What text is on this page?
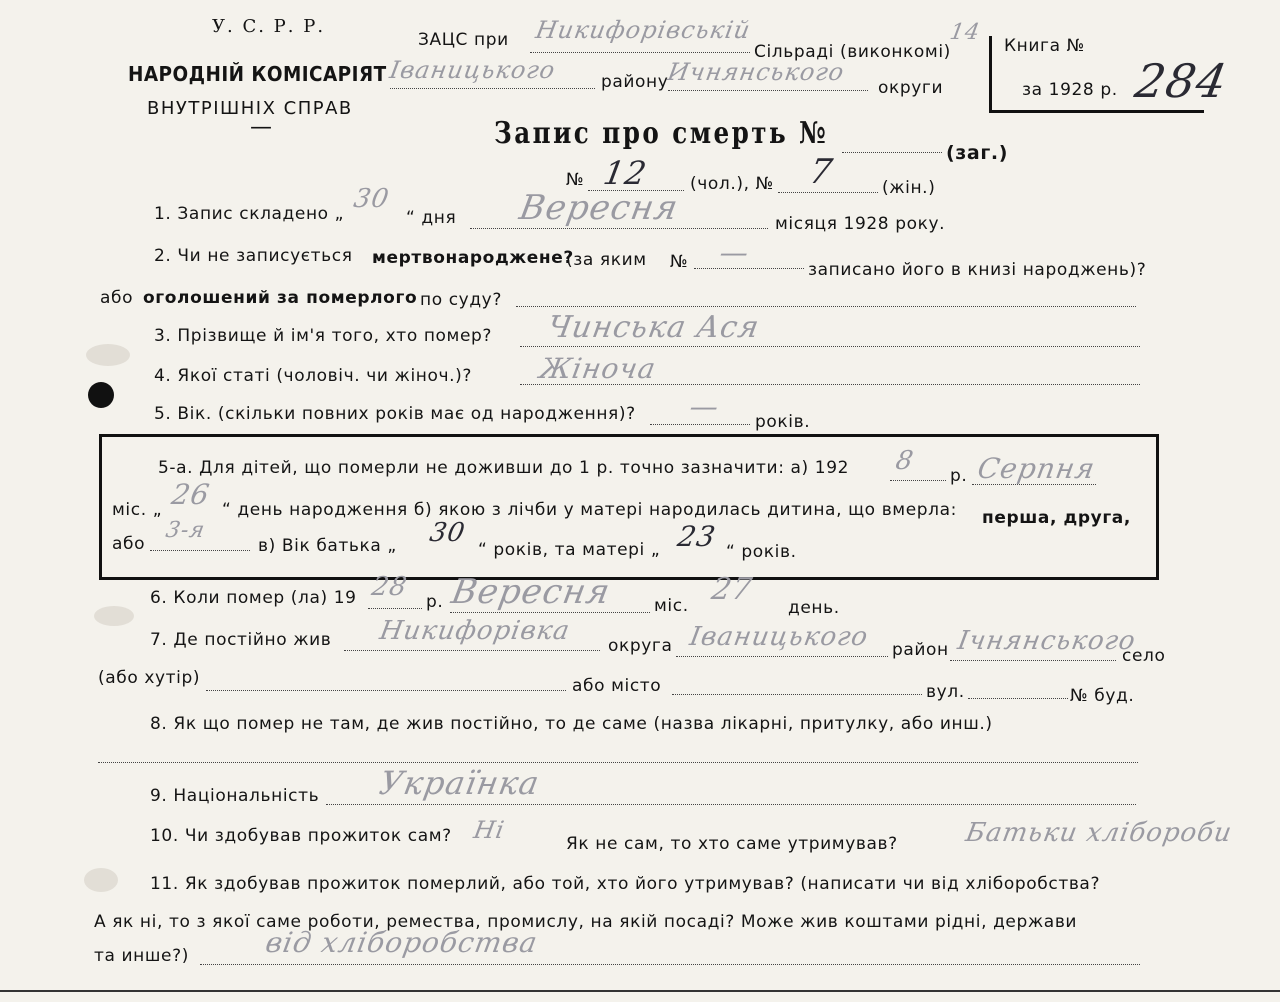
У. С. Р. Р.
НАРОДНІЙ КОМІСАРІЯТ
ВНУТРІШНІХ СПРАВ
—
ЗАЦС при Никифорівській
Сільраді (виконкомі)
14
Іваницького	району
Ичнянського
округи
Книга №
за 1928 р. 284
Запис про смерть №
(заг.)
№ 12 (чол.), № 7	(жін.)
1. Запис складено „ 30
“ дня Вересня	місяця 1928 року.
2. Чи не записується мертвонароджене?
(за яким № —
записано його в книзі народжень)?
або оголошений за померлого по суду?
3. Прізвище й ім'я того, хто помер? Чинська Ася
4. Якої статі (чоловіч. чи жіноч.)? Жіноча
5. Вік. (скільки повних років має од народження)? — років.
5-а. Для дітей, що померли не доживши до 1 р. точно зазначити: а) 192 8 р. Серпня
міс. „ 26 “ день народження б) якою з лічби у матері народилась дитина, що вмерла: перша, друга,
або
3-я
в) Вік батька „ 30
“ років, та матері „ 23 “ років.
6. Коли помер (ла) 19 28 р. Вересня міс. 27
день.
7. Де постійно жив Никифорівка округа Іваницького район Ічнянського
село
(або хутір)	або місто	вул.	№ буд.
8. Як що помер не там, де жив постійно, то де саме (назва лікарні, притулку, або инш.)
9. Національність Українка
10. Чи здобував прожиток сам? Ні	Як не сам, то хто саме утримував?	Батьки хлібороби
11. Як здобував прожиток померлий, або той, хто його утримував? (написати чи від хліборобства?
А як ні, то з якої саме роботи, ремества, промислу, на якій посаді? Може жив коштами рідні, держави
та инше?)	від хліборобства
